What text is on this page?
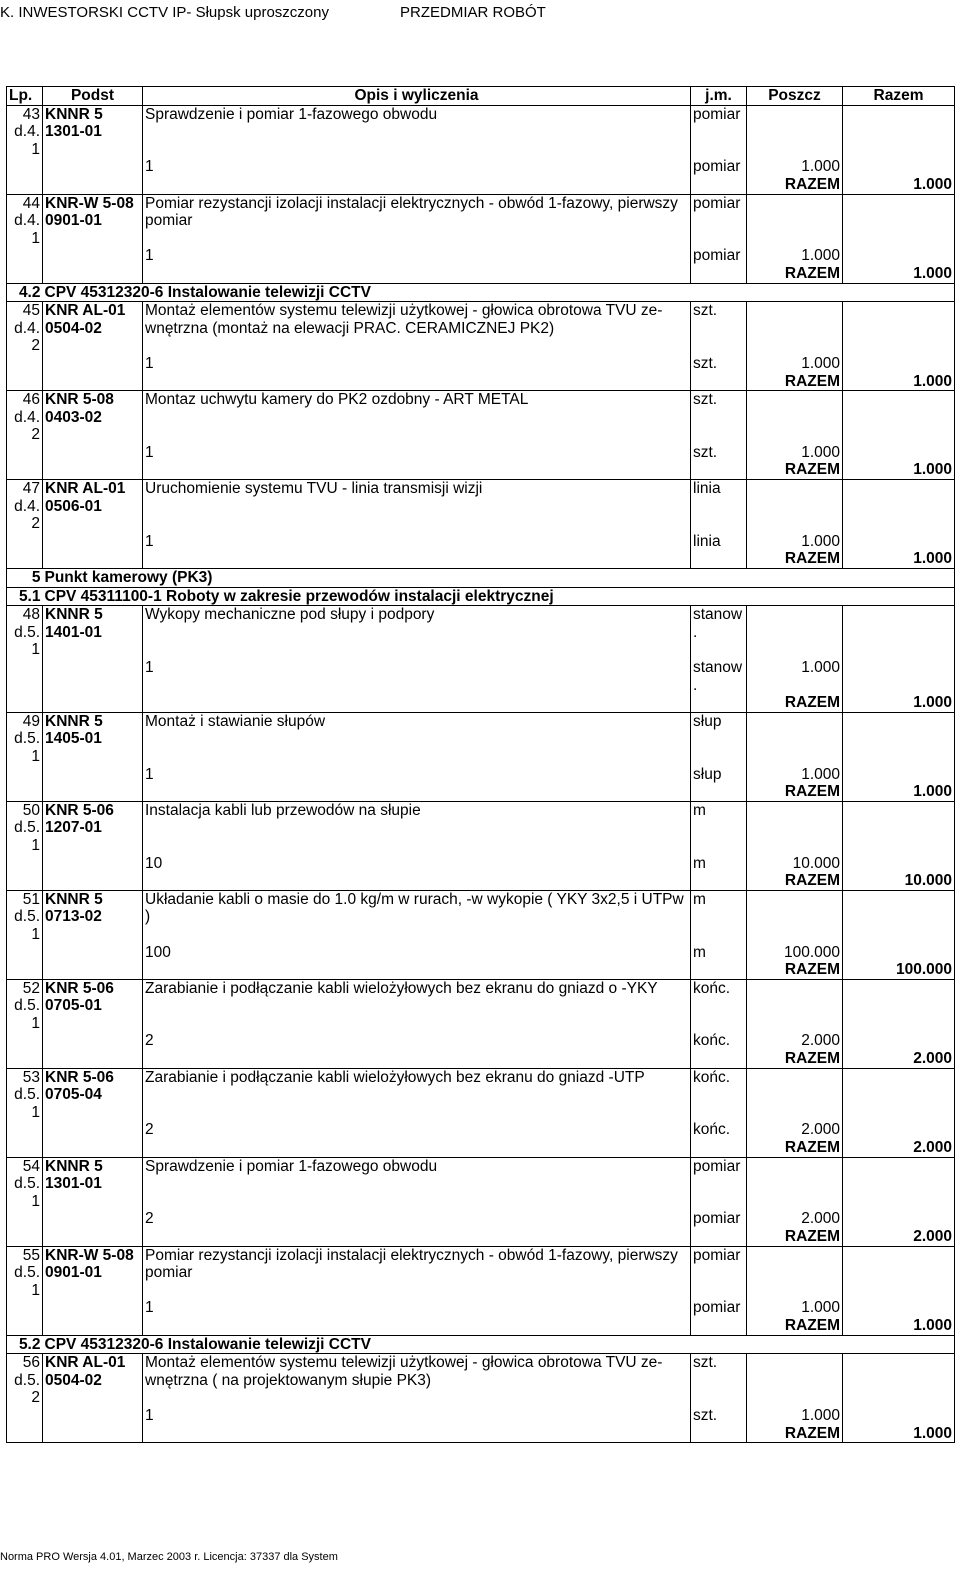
K. INWESTORSKI CCTV IP- Słupsk uproszczony	PRZEDMIAR ROBÓT
Lp.	Podst	Opis i wyliczenia	j.m.	Poszcz	Razem
43	KNNR 5	Sprawdzenie i pomiar 1-fazowego obwodu	pomiar		
d.4.	1301-01				
1					
		1	pomiar	1.000	
				RAZEM	1.000
44	KNR-W 5-08	Pomiar rezystancji izolacji instalacji elektrycznych - obwód 1-fazowy, pierwszy pomiar	pomiar		
d.4.	0901-01				
1					
		1	pomiar	1.000	
				RAZEM	1.000
4.2	CPV 45312320-6 Instalowanie telewizji CCTV				
45	KNR AL-01	Montaż elementów systemu telewizji użytkowej - głowica obrotowa TVU ze-wnętrzna (montaż na elewacji PRAC. CERAMICZNEJ PK2)	szt.		
d.4.	0504-02				
2					
		1	szt.	1.000	
				RAZEM	1.000
46	KNR 5-08	Montaz uchwytu kamery do PK2 ozdobny - ART METAL	szt.		
d.4.	0403-02				
2					
		1	szt.	1.000	
				RAZEM	1.000
47	KNR AL-01	Uruchomienie systemu TVU - linia transmisji wizji	linia		
d.4.	0506-01				
2					
		1	linia	1.000	
				RAZEM	1.000
5	Punkt kamerowy (PK3)				
5.1	CPV 45311100-1 Roboty w zakresie przewodów instalacji elektrycznej				
48	KNNR 5	Wykopy mechaniczne pod słupy i podpory	stanow		
d.5.	1401-01		.		
1					
		1	stanow	1.000	
			.		
				RAZEM	1.000
49	KNNR 5	Montaż i stawianie słupów	słup		
d.5.	1405-01				
1					
		1	słup	1.000	
				RAZEM	1.000
50	KNR 5-06	Instalacja kabli lub przewodów na słupie	m		
d.5.	1207-01				
1					
		10	m	10.000	
				RAZEM	10.000
51	KNNR 5	Układanie kabli o masie do 1.0 kg/m w rurach, -w wykopie ( YKY 3x2,5 i UTPw )	m		
d.5.	0713-02				
1					
		100	m	100.000	
				RAZEM	100.000
52	KNR 5-06	Zarabianie i podłączanie kabli wielożyłowych bez ekranu do gniazd o -YKY	końc.		
d.5.	0705-01				
1					
		2	końc.	2.000	
				RAZEM	2.000
53	KNR 5-06	Zarabianie i podłączanie kabli wielożyłowych bez ekranu do gniazd -UTP	końc.		
d.5.	0705-04				
1					
		2	końc.	2.000	
				RAZEM	2.000
54	KNNR 5	Sprawdzenie i pomiar 1-fazowego obwodu	pomiar		
d.5.	1301-01				
1					
		2	pomiar	2.000	
				RAZEM	2.000
55	KNR-W 5-08	Pomiar rezystancji izolacji instalacji elektrycznych - obwód 1-fazowy, pierwszy pomiar	pomiar		
d.5.	0901-01				
1					
		1	pomiar	1.000	
				RAZEM	1.000
5.2	CPV 45312320-6 Instalowanie telewizji CCTV				
56	KNR AL-01	Montaż elementów systemu telewizji użytkowej - głowica obrotowa TVU ze-wnętrzna ( na projektowanym słupie PK3)	szt.		
d.5.	0504-02				
2					
		1	szt.	1.000	
				RAZEM	1.000
Norma PRO Wersja 4.01, Marzec 2003 r. Licencja: 37337 dla System
